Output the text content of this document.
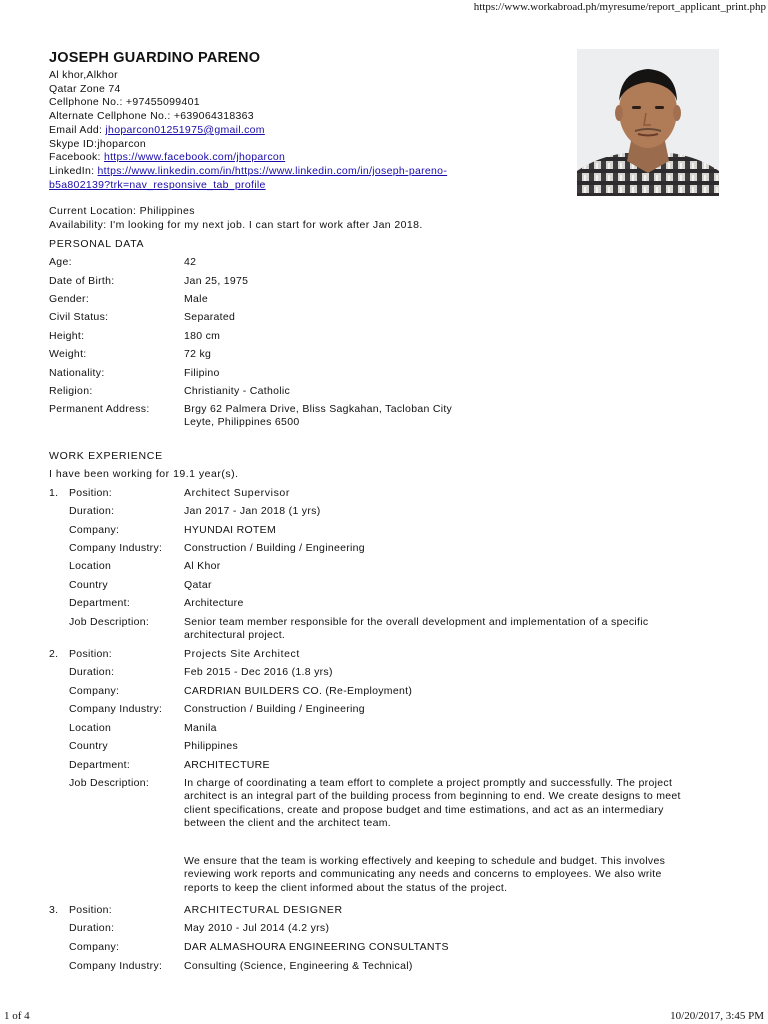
https://www.workabroad.ph/myresume/report_applicant_print.php
JOSEPH GUARDINO PARENO
Al khor,Alkhor
Qatar Zone 74
Cellphone No.: +97455099401
Alternate Cellphone No.: +639064318363
Email Add: jhoparcon01251975@gmail.com
Skype ID:jhoparcon
Facebook: https://www.facebook.com/jhoparcon
LinkedIn: https://www.linkedin.com/in/https://www.linkedin.com/in/joseph-pareno-
b5a802139?trk=nav_responsive_tab_profile
Current Location: Philippines
Availability: I'm looking for my next job. I can start for work after Jan 2018.
PERSONAL DATA
Age:	42
Date of Birth:	Jan 25, 1975
Gender:	Male
Civil Status:	Separated
Height:	180 cm
Weight:	72 kg
Nationality:	Filipino
Religion:	Christianity - Catholic
Permanent Address:	Brgy 62 Palmera Drive, Bliss Sagkahan, Tacloban City
Leyte, Philippines 6500
WORK EXPERIENCE
I have been working for 19.1 year(s).
1. Position:	Architect Supervisor
Duration:	Jan 2017 - Jan 2018 (1 yrs)
Company:	HYUNDAI ROTEM
Company Industry: Construction / Building / Engineering
Location	Al Khor
Country	Qatar
Department:	Architecture
Job Description:	Senior team member responsible for the overall development and implementation of a specific
architectural project.
2. Position:	Projects Site Architect
Duration:	Feb 2015 - Dec 2016 (1.8 yrs)
Company:	CARDRIAN BUILDERS CO. (Re-Employment)
Company Industry: Construction / Building / Engineering
Location	Manila
Country	Philippines
Department:	ARCHITECTURE
Job Description:	In charge of coordinating a team effort to complete a project promptly and successfully. The project
architect is an integral part of the building process from beginning to end. We create designs to meet
client specifications, create and propose budget and time estimations, and act as an intermediary
between the client and the architect team.
We ensure that the team is working effectively and keeping to schedule and budget. This involves
reviewing work reports and communicating any needs and concerns to employees. We also write
reports to keep the client informed about the status of the project.
3. Position:	ARCHITECTURAL DESIGNER
Duration:	May 2010 - Jul 2014 (4.2 yrs)
Company:	DAR ALMASHOURA ENGINEERING CONSULTANTS
Company Industry: Consulting (Science, Engineering & Technical)
1 of 4	10/20/2017, 3:45 PM
